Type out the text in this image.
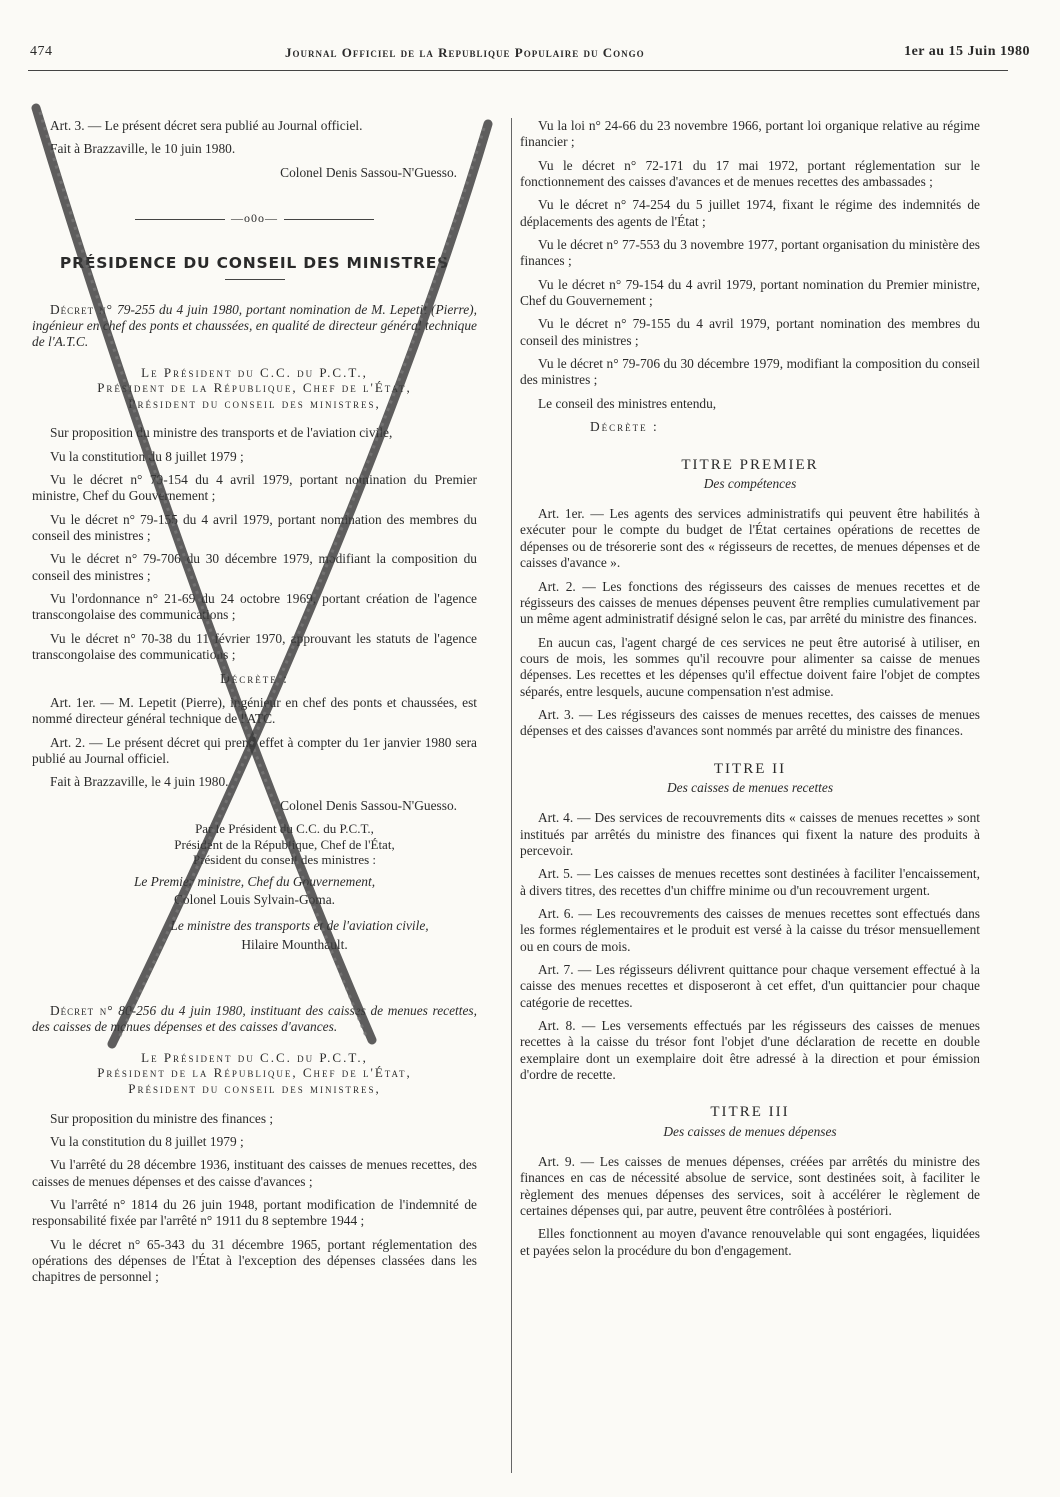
474	Journal Officiel de la Republique Populaire du Congo	1er au 15 Juin 1980

Art. 3. — Le présent décret sera publié au Journal officiel.

Fait à Brazzaville, le 10 juin 1980.

Colonel Denis Sassou-N'Guesso.

—o0o—
PRÉSIDENCE DU CONSEIL DES MINISTRES

Décret n° 79-255 du 4 juin 1980, portant nomination de M. Lepetit (Pierre), ingénieur en chef des ponts et chaussées, en qualité de directeur général technique de l'A.T.C.

Le Président du C.C. du P.C.T.,
Président de la République, Chef de l'État,
Président du conseil des ministres,

Sur proposition du ministre des transports et de l'aviation civile,

Vu la constitution du 8 juillet 1979 ;

Vu le décret n° 79-154 du 4 avril 1979, portant nomination du Premier ministre, Chef du Gouvernement ;

Vu le décret n° 79-155 du 4 avril 1979, portant nomination des membres du conseil des ministres ;

Vu le décret n° 79-706 du 30 décembre 1979, modifiant la composition du conseil des ministres ;

Vu l'ordonnance n° 21-69 du 24 octobre 1969, portant création de l'agence transcongolaise des communications ;

Vu le décret n° 70-38 du 11 février 1970, approuvant les statuts de l'agence transcongolaise des communications ;

Décrète :

Art. 1er. — M. Lepetit (Pierre), ingénieur en chef des ponts et chaussées, est nommé directeur général technique de l'ATC.

Art. 2. — Le présent décret qui prend effet à compter du 1er janvier 1980 sera publié au Journal officiel.

Fait à Brazzaville, le 4 juin 1980.

Colonel Denis Sassou-N'Guesso.

Par le Président du C.C. du P.C.T.,
Président de la République, Chef de l'État,
Président du conseil des ministres :

Le Premier ministre, Chef du Gouvernement,

Colonel Louis Sylvain-Goma.

Le ministre des transports et de l'aviation civile,

Hilaire Mounthault.

Décret n° 80-256 du 4 juin 1980, instituant des caisses de menues recettes, des caisses de menues dépenses et des caisses d'avances.

Le Président du C.C. du P.C.T.,
Président de la République, Chef de l'État,
Président du conseil des ministres,

Sur proposition du ministre des finances ;

Vu la constitution du 8 juillet 1979 ;

Vu l'arrêté du 28 décembre 1936, instituant des caisses de menues recettes, des caisses de menues dépenses et des caisse d'avances ;

Vu l'arrêté n° 1814 du 26 juin 1948, portant modification de l'indemnité de responsabilité fixée par l'arrêté n° 1911 du 8 septembre 1944 ;

Vu le décret n° 65-343 du 31 décembre 1965, portant réglementation des opérations des dépenses de l'État à l'exception des dépenses classées dans les chapitres de personnel ;

Vu la loi n° 24-66 du 23 novembre 1966, portant loi organique relative au régime financier ;

Vu le décret n° 72-171 du 17 mai 1972, portant réglementation sur le fonctionnement des caisses d'avances et de menues recettes des ambassades ;

Vu le décret n° 74-254 du 5 juillet 1974, fixant le régime des indemnités de déplacements des agents de l'État ;

Vu le décret n° 77-553 du 3 novembre 1977, portant organisation du ministère des finances ;

Vu le décret n° 79-154 du 4 avril 1979, portant nomination du Premier ministre, Chef du Gouvernement ;

Vu le décret n° 79-155 du 4 avril 1979, portant nomination des membres du conseil des ministres ;

Vu le décret n° 79-706 du 30 décembre 1979, modifiant la composition du conseil des ministres ;

Le conseil des ministres entendu,

Décrète :
TITRE PREMIER
Des compétences

Art. 1er. — Les agents des services administratifs qui peuvent être habilités à exécuter pour le compte du budget de l'État certaines opérations de recettes de dépenses ou de trésorerie sont des « régisseurs de recettes, de menues dépenses et de caisses d'avance ».

Art. 2. — Les fonctions des régisseurs des caisses de menues recettes et de régisseurs des caisses de menues dépenses peuvent être remplies cumulativement par un même agent administratif désigné selon le cas, par arrêté du ministre des finances.

En aucun cas, l'agent chargé de ces services ne peut être autorisé à utiliser, en cours de mois, les sommes qu'il recouvre pour alimenter sa caisse de menues dépenses. Les recettes et les dépenses qu'il effectue doivent faire l'objet de comptes séparés, entre lesquels, aucune compensation n'est admise.

Art. 3. — Les régisseurs des caisses de menues recettes, des caisses de menues dépenses et des caisses d'avances sont nommés par arrêté du ministre des finances.

TITRE II
Des caisses de menues recettes

Art. 4. — Des services de recouvrements dits « caisses de menues recettes » sont institués par arrêtés du ministre des finances qui fixent la nature des produits à percevoir.

Art. 5. — Les caisses de menues recettes sont destinées à faciliter l'encaissement, à divers titres, des recettes d'un chiffre minime ou d'un recouvrement urgent.

Art. 6. — Les recouvrements des caisses de menues recettes sont effectués dans les formes réglementaires et le produit est versé à la caisse du trésor mensuellement ou en cours de mois.

Art. 7. — Les régisseurs délivrent quittance pour chaque versement effectué à la caisse des menues recettes et disposeront à cet effet, d'un quittancier pour chaque catégorie de recettes.

Art. 8. — Les versements effectués par les régisseurs des caisses de menues recettes à la caisse du trésor font l'objet d'une déclaration de recette en double exemplaire dont un exemplaire doit être adressé à la direction et pour émission d'ordre de recette.

TITRE III
Des caisses de menues dépenses

Art. 9. — Les caisses de menues dépenses, créées par arrêtés du ministre des finances en cas de nécessité absolue de service, sont destinées soit, à faciliter le règlement des menues dépenses des services, soit à accélérer le règlement de certaines dépenses qui, par autre, peuvent être contrôlées à postériori.

Elles fonctionnent au moyen d'avance renouvelable qui sont engagées, liquidées et payées selon la procédure du bon d'engagement.
